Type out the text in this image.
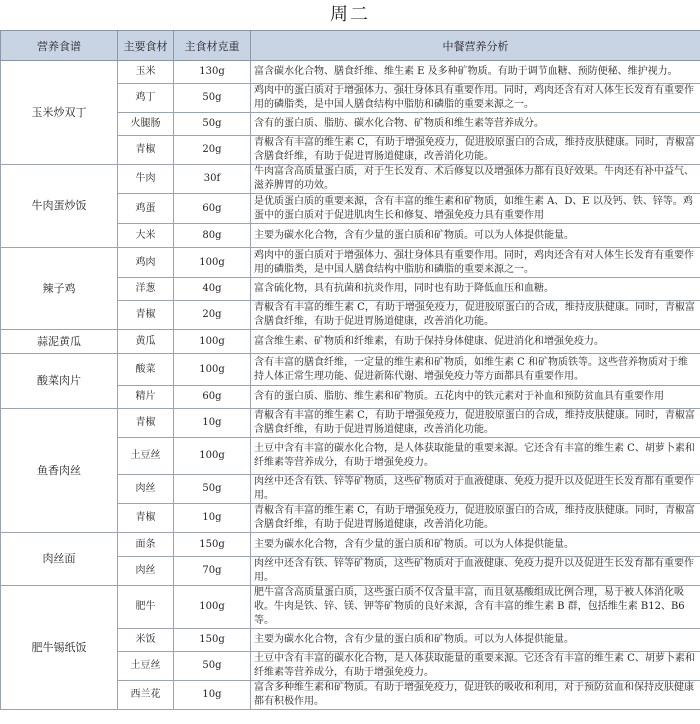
周二
营养食谱	主要食材	主食材克重	中餐营养分析
玉米炒双丁	玉米	130g	富含碳水化合物、膳食纤维、维生素 E 及多种矿物质。有助于调节血糖、预防便秘、维护视力。
	鸡丁	50g	鸡肉中的蛋白质对于增强体力、强壮身体具有重要作用。同时，鸡肉还含有对人体生长发育有重要作用的磷脂类，是中国人膳食结构中脂肪和磷脂的重要来源之一。
	火腿肠	50g	含有的蛋白质、脂肪、碳水化合物、矿物质和维生素等营养成分。
	青椒	20g	青椒含有丰富的维生素 C，有助于增强免疫力，促进胶原蛋白的合成，维持皮肤健康。同时，青椒富含膳食纤维，有助于促进胃肠道健康，改善消化功能。
牛肉蛋炒饭	牛肉	30f	牛肉富含高质量蛋白质，对于生长发育、术后修复以及增强体力都有良好效果。牛肉还有补中益气、滋养脾胃的功效。
	鸡蛋	60g	是优质蛋白质的重要来源，含有丰富的维生素和矿物质，如维生素 A、D、E 以及钙、铁、锌等。鸡蛋中的蛋白质对于促进肌肉生长和修复、增强免疫力具有重要作用
	大米	80g	主要为碳水化合物，含有少量的蛋白质和矿物质。可以为人体提供能量。
辣子鸡	鸡肉	100g	鸡肉中的蛋白质对于增强体力、强壮身体具有重要作用。同时，鸡肉还含有对人体生长发育有重要作用的磷脂类，是中国人膳食结构中脂肪和磷脂的重要来源之一。
	洋葱	40g	富含硫化物，具有抗菌和抗炎作用，同时也有助于降低血压和血糖。
	青椒	20g	青椒含有丰富的维生素 C，有助于增强免疫力，促进胶原蛋白的合成，维持皮肤健康。同时，青椒富含膳食纤维，有助于促进胃肠道健康，改善消化功能。
蒜泥黄瓜	黄瓜	100g	富含维生素、矿物质和纤维素，有助于保持身体健康、促进消化和增强免疫力。
酸菜肉片	酸菜	100g	含有丰富的膳食纤维，一定量的维生素和矿物质，如维生素 C 和矿物质铁等。这些营养物质对于维持人体正常生理功能、促进新陈代谢、增强免疫力等方面都具有重要作用。
	精片	60g	含有的蛋白质、脂肪、维生素和矿物质。五花肉中的铁元素对于补血和预防贫血具有重要作用
鱼香肉丝	青椒	10g	青椒含有丰富的维生素 C，有助于增强免疫力，促进胶原蛋白的合成，维持皮肤健康。同时，青椒富含膳食纤维，有助于促进胃肠道健康，改善消化功能。
	土豆丝	100g	土豆中含有丰富的碳水化合物，是人体获取能量的重要来源。它还含有丰富的维生素 C、胡萝卜素和纤维素等营养成分，有助于增强免疫力。
	肉丝	50g	肉丝中还含有铁、锌等矿物质，这些矿物质对于血液健康、免疫力提升以及促进生长发育都有重要作用。
	青椒	10g	青椒含有丰富的维生素 C，有助于增强免疫力，促进胶原蛋白的合成，维持皮肤健康。同时，青椒富含膳食纤维，有助于促进胃肠道健康，改善消化功能。
肉丝面	面条	150g	主要为碳水化合物，含有少量的蛋白质和矿物质。可以为人体提供能量。
	肉丝	70g	肉丝中还含有铁、锌等矿物质，这些矿物质对于血液健康、免疫力提升以及促进生长发育都有重要作用。
肥牛锡纸饭	肥牛	100g	肥牛富含高质量蛋白质，这些蛋白质不仅含量丰富，而且氨基酸组成比例合理，易于被人体消化吸收。牛肉是铁、锌、镁、钾等矿物质的良好来源，含有丰富的维生素 B 群，包括维生素 B12、B6 等。
	米饭	150g	主要为碳水化合物，含有少量的蛋白质和矿物质。可以为人体提供能量。
	土豆丝	50g	土豆中含有丰富的碳水化合物，是人体获取能量的重要来源。它还含有丰富的维生素 C、胡萝卜素和纤维素等营养成分，有助于增强免疫力。
	西兰花	10g	富含多种维生素和矿物质。有助于增强免疫力，促进铁的吸收和利用，对于预防贫血和保持皮肤健康都有积极作用。
